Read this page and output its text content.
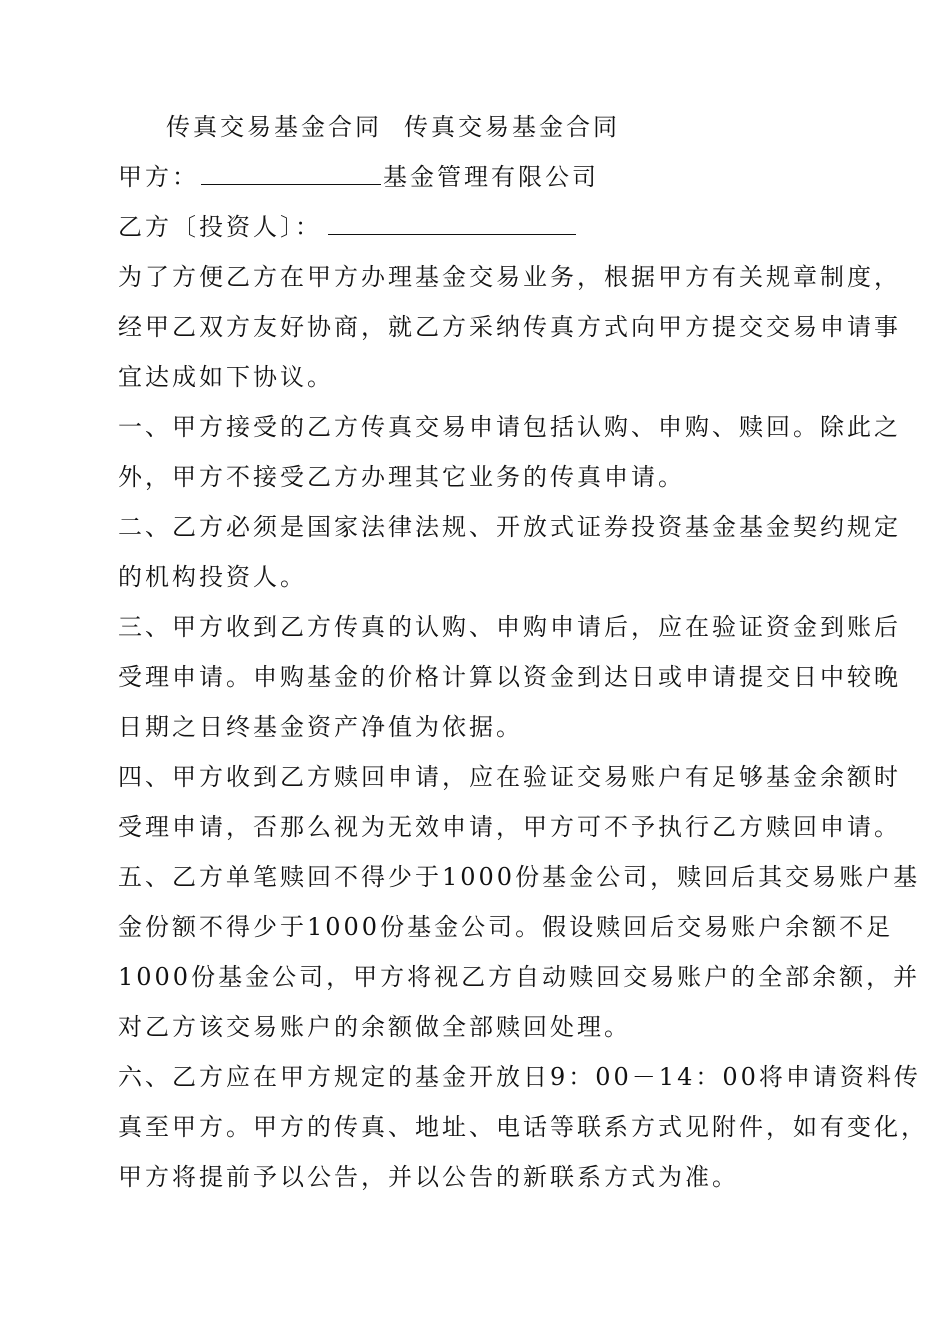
传真交易基金合同 传真交易基金合同
甲方：	基金管理有限公司
乙方〔投资人〕：
为了方便乙方在甲方办理基金交易业务，根据甲方有关规章制度，
经甲乙双方友好协商，就乙方采纳传真方式向甲方提交交易申请事
宜达成如下协议。
一、甲方接受的乙方传真交易申请包括认购、申购、赎回。除此之
外，甲方不接受乙方办理其它业务的传真申请。
二、乙方必须是国家法律法规、开放式证券投资基金基金契约规定
的机构投资人。
三、甲方收到乙方传真的认购、申购申请后，应在验证资金到账后
受理申请。申购基金的价格计算以资金到达日或申请提交日中较晚
日期之日终基金资产净值为依据。
四、甲方收到乙方赎回申请，应在验证交易账户有足够基金余额时
受理申请，否那么视为无效申请，甲方可不予执行乙方赎回申请。
五、乙方单笔赎回不得少于1000份基金公司，赎回后其交易账户基
金份额不得少于1000份基金公司。假设赎回后交易账户余额不足
1000份基金公司，甲方将视乙方自动赎回交易账户的全部余额，并
对乙方该交易账户的余额做全部赎回处理。
六、乙方应在甲方规定的基金开放日9：00－14：00将申请资料传
真至甲方。甲方的传真、地址、电话等联系方式见附件，如有变化，
甲方将提前予以公告，并以公告的新联系方式为准。
